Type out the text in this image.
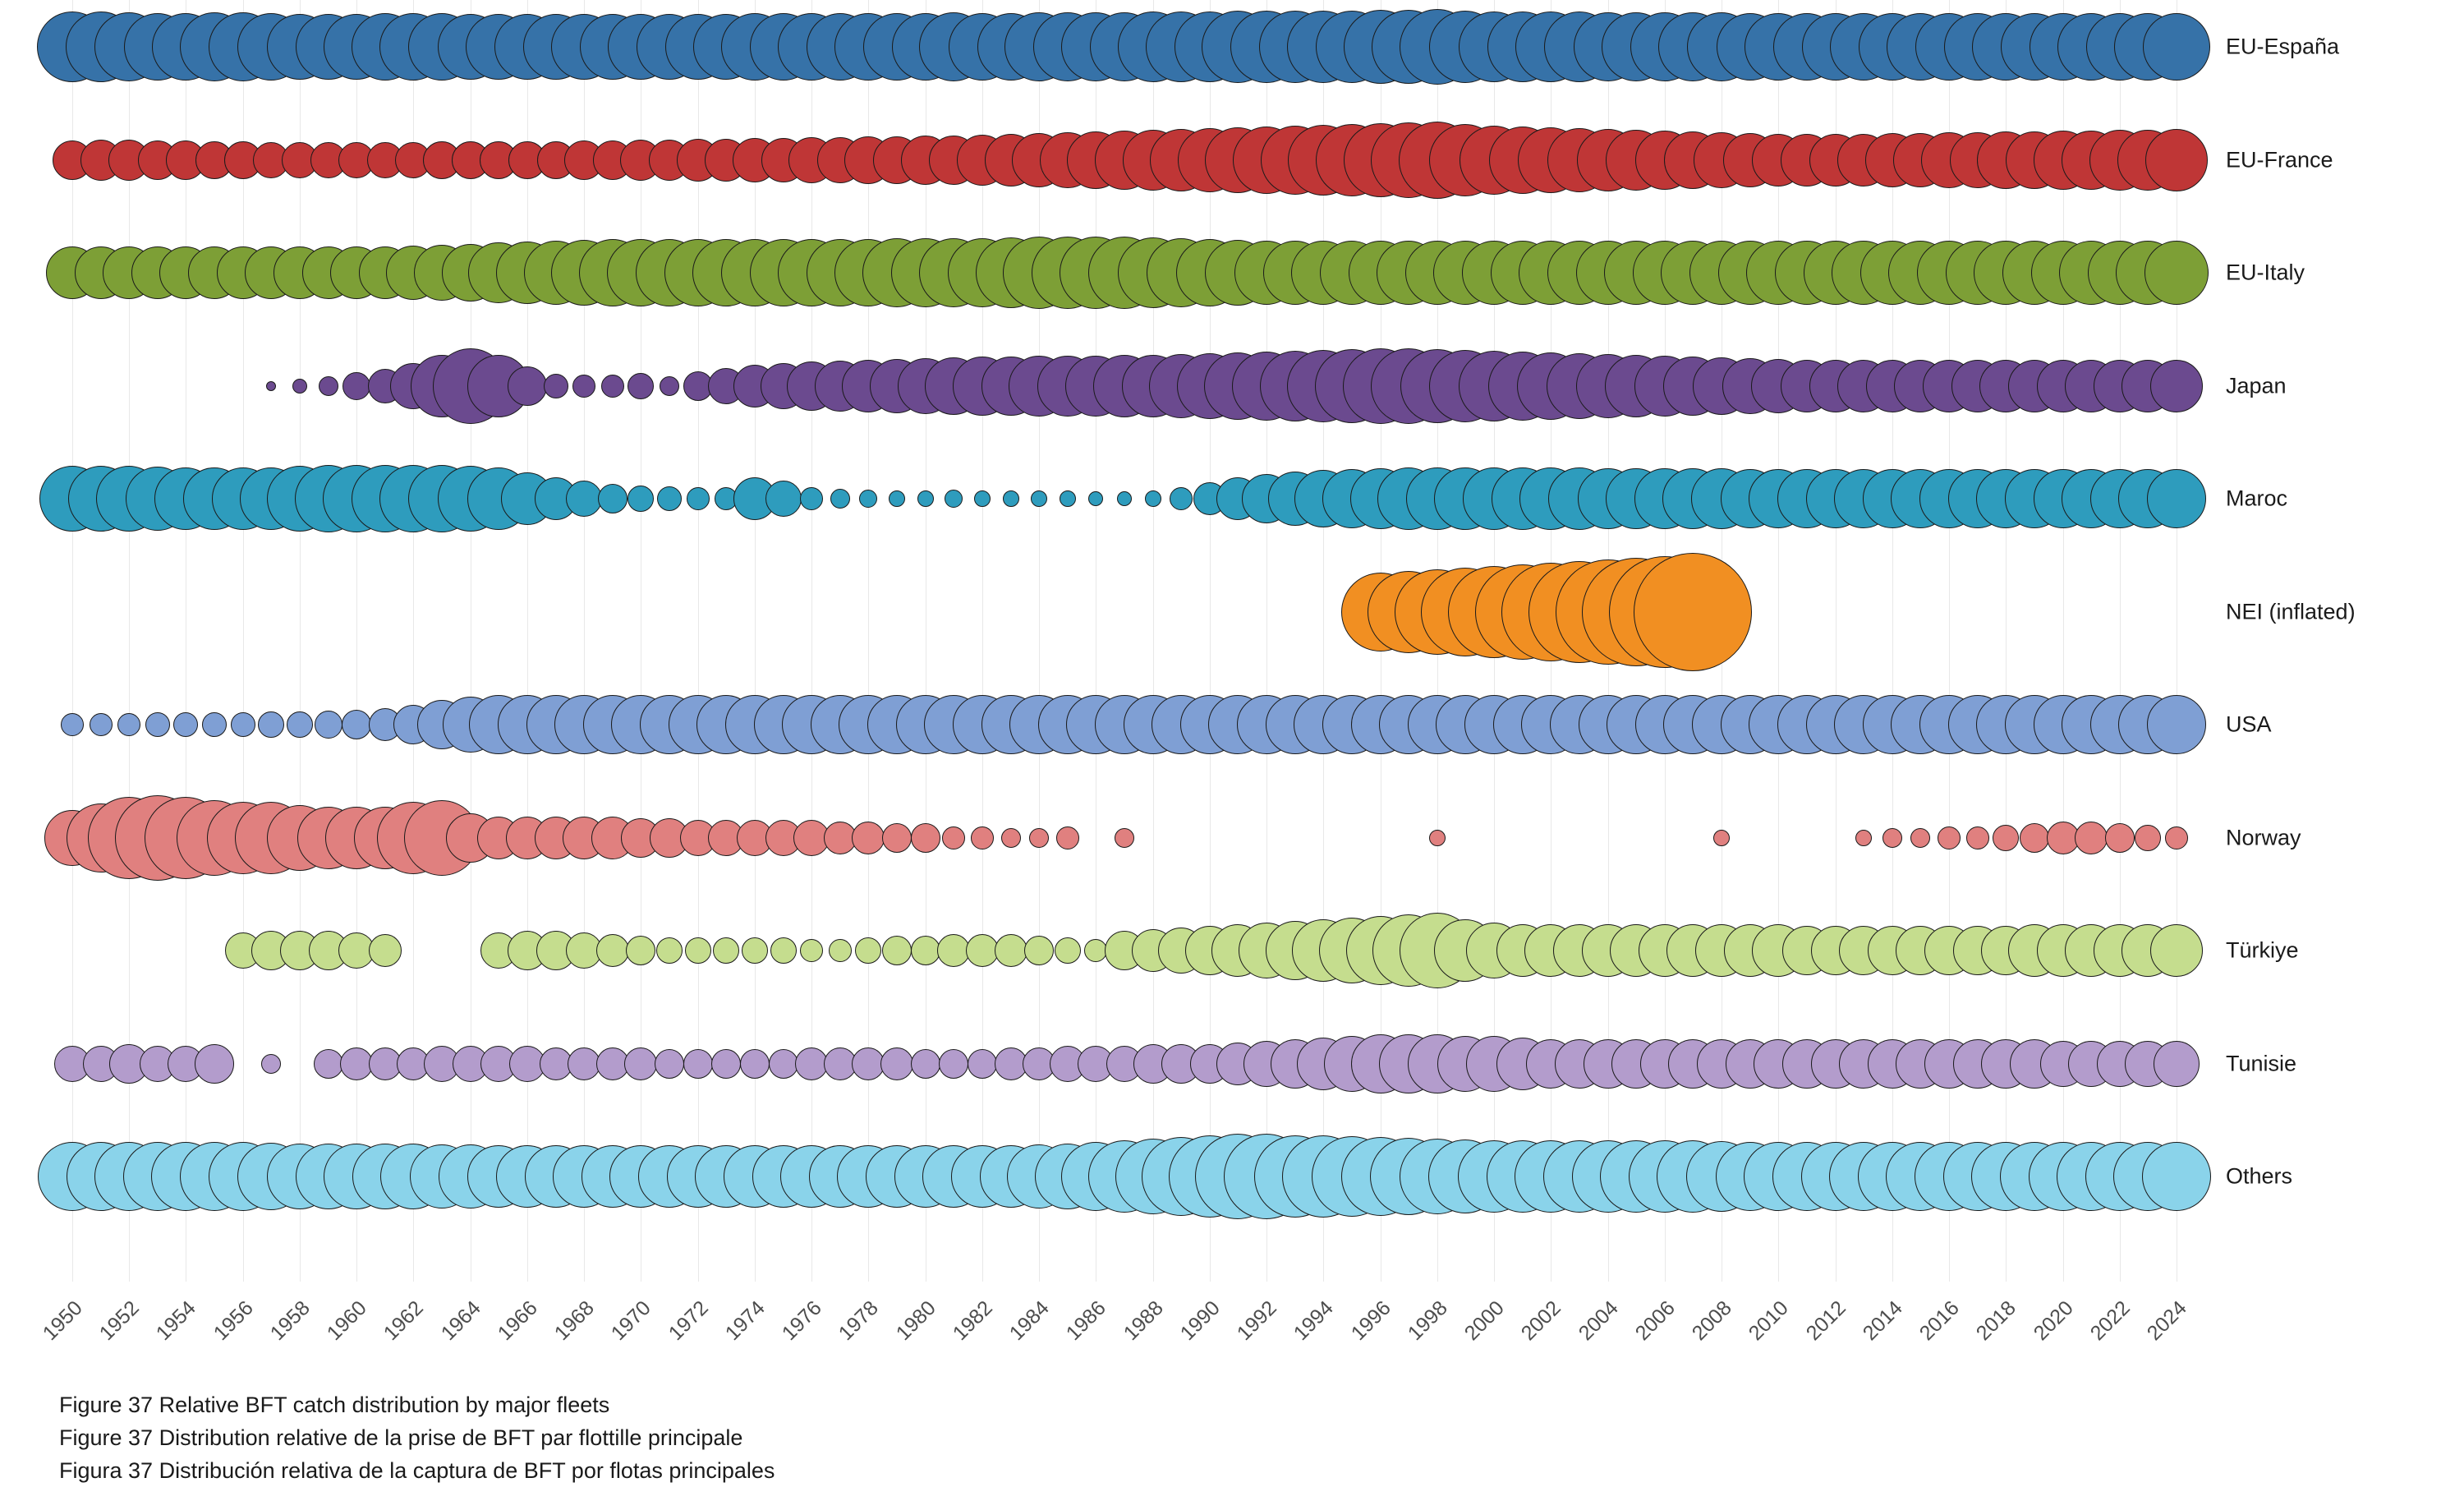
EU-España
EU-France
EU-Italy
Japan
Maroc
NEI (inflated)
USA
Norway
Türkiye
Tunisie
Others
1950 1952 1954 1956 1958 1960 1962 1964 1966 1968 1970 1972 1974 1976 1978 1980 1982 1984 1986 1988 1990 1992 1994 1996 1998 2000 2002 2004 2006 2008 2010 2012 2014 2016 2018 2020 2022 2024
Figure 37 Relative BFT catch distribution by major fleets
Figure 37 Distribution relative de la prise de BFT par flottille principale
Figura 37 Distribución relativa de la captura de BFT por flotas principales
